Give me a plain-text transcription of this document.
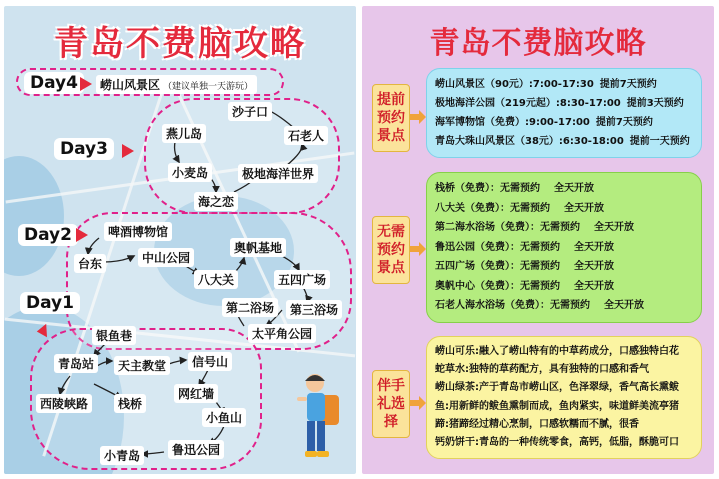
青岛不费脑攻略
Day4	崂山风景区 （建议单独一天游玩）
Day3
沙子口
燕儿岛	石老人
小麦岛	极地海洋世界
海之恋
Day2	啤酒博物馆
台东	中山公园
奥帆基地
八大关	五四广场
第二浴场	第三浴场
太平角公园
Day1
银鱼巷
青岛站	天主教堂	信号山
西陵峡路	栈桥
网红墙
小鱼山
小青岛	鲁迅公园
青岛不费脑攻略
提前预约景点
崂山风景区（90元）:7:00-17:30 提前7天预约
极地海洋公园（219元起）:8:30-17:00 提前3天预约
海军博物馆（免费）:9:00-17:00 提前7天预约
青岛大珠山风景区（38元）:6:30-18:00 提前一天预约
无需预约景点
栈桥（免费）：无需预约 全天开放
八大关（免费）：无需预约 全天开放
第二海水浴场（免费）：无需预约 全天开放
鲁迅公园（免费）：无需预约 全天开放
五四广场（免费）：无需预约 全天开放
奥帆中心（免费）：无需预约 全天开放
石老人海水浴场（免费）：无需预约 全天开放
伴手礼选择
崂山可乐:融入了崂山特有的中草药成分，口感独特白花
蛇草水:独特的草药配方，具有独特的口感和香气
崂山绿茶:产于青岛市崂山区，色泽翠绿，香气高长熏鲅
鱼:用新鲜的鲅鱼熏制而成，鱼肉紧实，味道鲜美流亭猪
蹄:猪蹄经过精心烹制，口感软糯而不腻，很香
钙奶饼干:青岛的一种传统零食，高钙，低脂，酥脆可口
